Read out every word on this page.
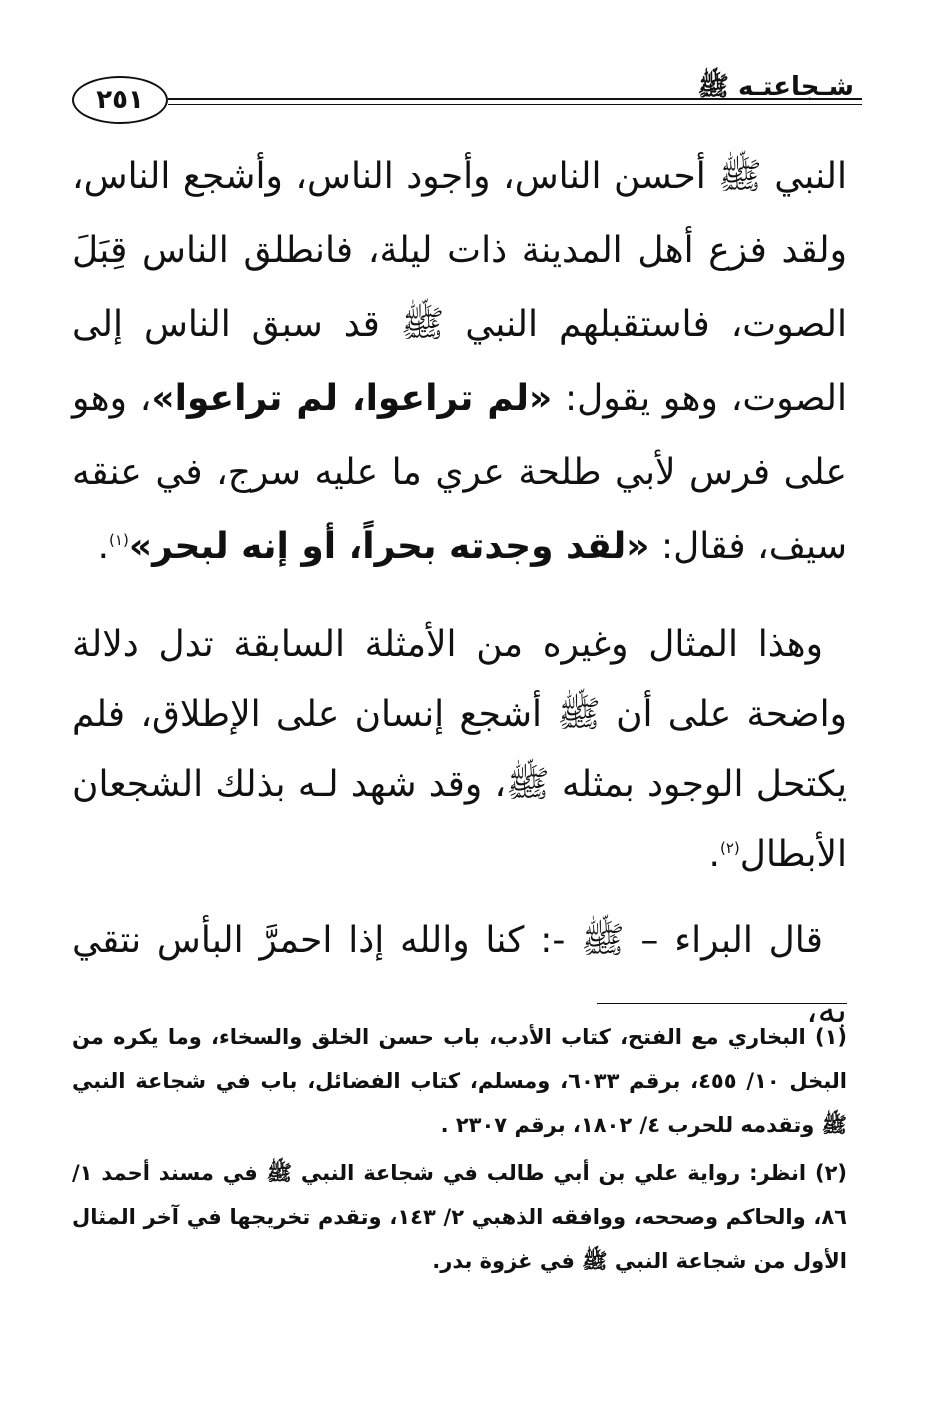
شـجاعتـه ﷺ
٢٥١

النبي ﷺ أحسن الناس، وأجود الناس، وأشجع الناس، ولقد فزع أهل المدينة ذات ليلة، فانطلق الناس قِبَلَ الصوت، فاستقبلهم النبي ﷺ قد سبق الناس إلى الصوت، وهو يقول: «لم تراعوا، لم تراعوا»، وهو على فرس لأبي طلحة عري ما عليه سرج، في عنقه سيف، فقال: «لقد وجدته بحراً، أو إنه لبحر»$^{(١)}$.

وهذا المثال وغيره من الأمثلة السابقة تدل دلالة واضحة على أن ﷺ أشجع إنسان على الإطلاق، فلم يكتحل الوجود بمثله ﷺ، وقد شهد لـه بذلك الشجعان الأبطال$^{(٢)}$.

قال البراء – ﷺ -: كنا والله إذا احمرَّ البأس نتقي به،

(١) البخاري مع الفتح، كتاب الأدب، باب حسن الخلق والسخاء، وما يكره من البخل ١٠/ ٤٥٥، برقم ٦٠٣٣، ومسلم، كتاب الفضائل، باب في شجاعة النبي ﷺ وتقدمه للحرب ٤/ ١٨٠٢، برقم ٢٣٠٧ .

(٢) انظر: رواية علي بن أبي طالب في شجاعة النبي ﷺ في مسند أحمد ١/ ٨٦، والحاكم وصححه، ووافقه الذهبي ٢/ ١٤٣، وتقدم تخريجها في آخر المثال الأول من شجاعة النبي ﷺ في غزوة بدر.
